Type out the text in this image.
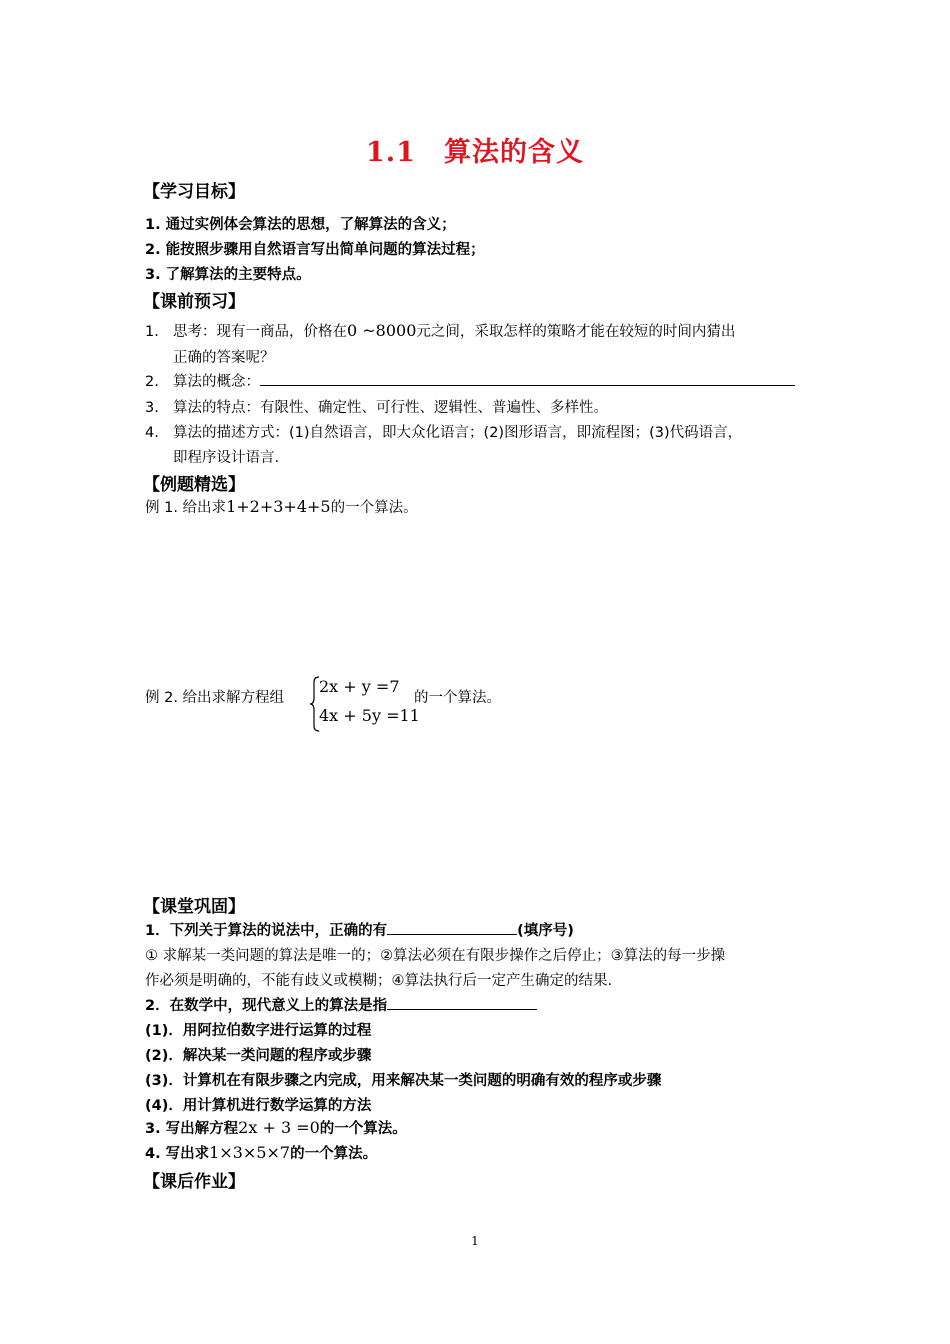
1.1 算法的含义
【学习目标】
1. 通过实例体会算法的思想，了解算法的含义；
2. 能按照步骤用自然语言写出简单问题的算法过程；
3. 了解算法的主要特点。
【课前预习】
1. 思考：现有一商品，价格在0 ~8000元之间，采取怎样的策略才能在较短的时间内猜出
正确的答案呢？
2. 算法的概念：
3. 算法的特点：有限性、确定性、可行性、逻辑性、普遍性、多样性。
4. 算法的描述方式：(1)自然语言，即大众化语言；(2)图形语言，即流程图；(3)代码语言，
即程序设计语言.
【例题精选】
例 1. 给出求1+2+3+4+5的一个算法。
例 2. 给出求解方程组
2x + y =7
4x + 5y =11
的一个算法。
【课堂巩固】
1．下列关于算法的说法中，正确的有	(填序号)
① 求解某一类问题的算法是唯一的；②算法必须在有限步操作之后停止；③算法的每一步操
作必须是明确的，不能有歧义或模糊；④算法执行后一定产生确定的结果.
2．在数学中，现代意义上的算法是指
(1)．用阿拉伯数字进行运算的过程
(2)．解决某一类问题的程序或步骤
(3)．计算机在有限步骤之内完成，用来解决某一类问题的明确有效的程序或步骤
(4)．用计算机进行数学运算的方法
3. 写出解方程2x + 3 =0的一个算法。
4. 写出求1×3×5×7的一个算法。
【课后作业】
1
